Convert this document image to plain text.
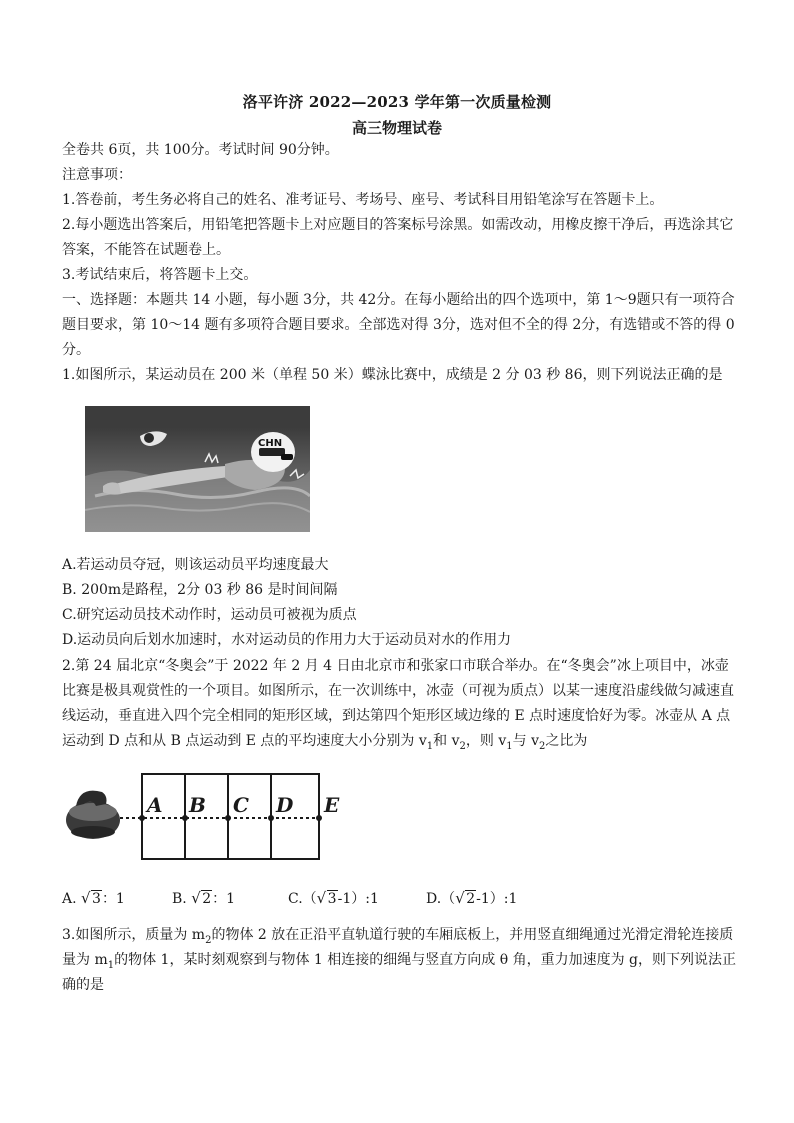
洛平许济 2022—2023 学年第一次质量检测
高三物理试卷
全卷共 6页，共 100分。考试时间 90分钟。
注意事项：
1.答卷前，考生务必将自己的姓名、准考证号、考场号、座号、考试科目用铅笔涂写在答题卡上。
2.每小题选出答案后，用铅笔把答题卡上对应题目的答案标号涂黑。如需改动，用橡皮擦干净后，再选涂其它
答案，不能答在试题卷上。
3.考试结束后，将答题卡上交。
一、选择题：本题共 14 小题，每小题 3分，共 42分。在每小题给出的四个选项中，第 1～9题只有一项符合
题目要求，第 10～14 题有多项符合题目要求。全部选对得 3分，选对但不全的得 2分，有选错或不答的得 0
分。
1.如图所示，某运动员在 200 米（单程 50 米）蝶泳比赛中，成绩是 2 分 03 秒 86，则下列说法正确的是
CHN
A.若运动员夺冠，则该运动员平均速度最大
B. 200m是路程，2分 03 秒 86 是时间间隔
C.研究运动员技术动作时，运动员可被视为质点
D.运动员向后划水加速时，水对运动员的作用力大于运动员对水的作用力
2.第 24 届北京“冬奥会”于 2022 年 2 月 4 日由北京市和张家口市联合举办。在“冬奥会”冰上项目中，冰壶
比赛是极具观赏性的一个项目。如图所示，在一次训练中，冰壶（可视为质点）以某一速度沿虚线做匀减速直
线运动，垂直进入四个完全相同的矩形区域，到达第四个矩形区域边缘的 E 点时速度恰好为零。冰壶从 A 点
运动到 D 点和从 B 点运动到 E 点的平均速度大小分别为 $v_1$和 $v_2$，则 $v_1$与 $v_2$之比为
A B C D E
A. √ 3：1	B. √ 2：1	C.（ √ 3-1）:1	D.（ √ 2-1）:1
3.如图所示，质量为 $m_2$的物体 2 放在正沿平直轨道行驶的车厢底板上，并用竖直细绳通过光滑定滑轮连接质
量为 $m_1$的物体 1，某时刻观察到与物体 1 相连接的细绳与竖直方向成 θ 角，重力加速度为 g，则下列说法正
确的是
